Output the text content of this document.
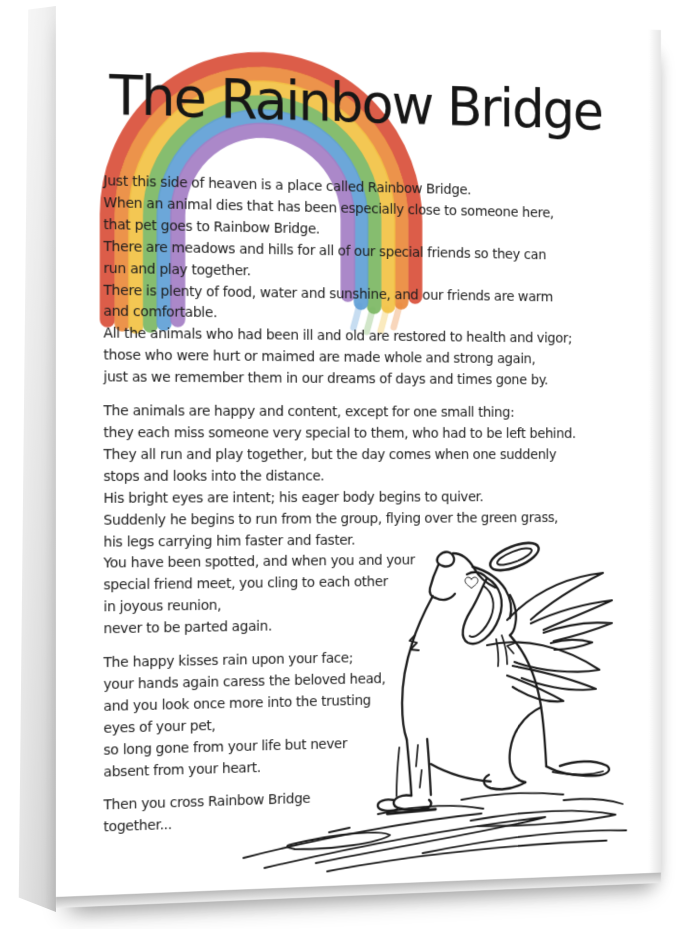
The Rainbow Bridge
Just this side of heaven is a place called Rainbow Bridge.
When an animal dies that has been especially close to someone here,
that pet goes to Rainbow Bridge.
There are meadows and hills for all of our special friends so they can
run and play together.
There is plenty of food, water and sunshine, and our friends are warm
and comfortable.
All the animals who had been ill and old are restored to health and vigor;
those who were hurt or maimed are made whole and strong again,
just as we remember them in our dreams of days and times gone by.
The animals are happy and content, except for one small thing:
they each miss someone very special to them, who had to be left behind.
They all run and play together, but the day comes when one suddenly
stops and looks into the distance.
His bright eyes are intent; his eager body begins to quiver.
Suddenly he begins to run from the group, flying over the green grass,
his legs carrying him faster and faster.
You have been spotted, and when you and your
special friend meet, you cling to each other
in joyous reunion,
never to be parted again.
The happy kisses rain upon your face;
your hands again caress the beloved head,
and you look once more into the trusting
eyes of your pet,
so long gone from your life but never
absent from your heart.
Then you cross Rainbow Bridge
together...
